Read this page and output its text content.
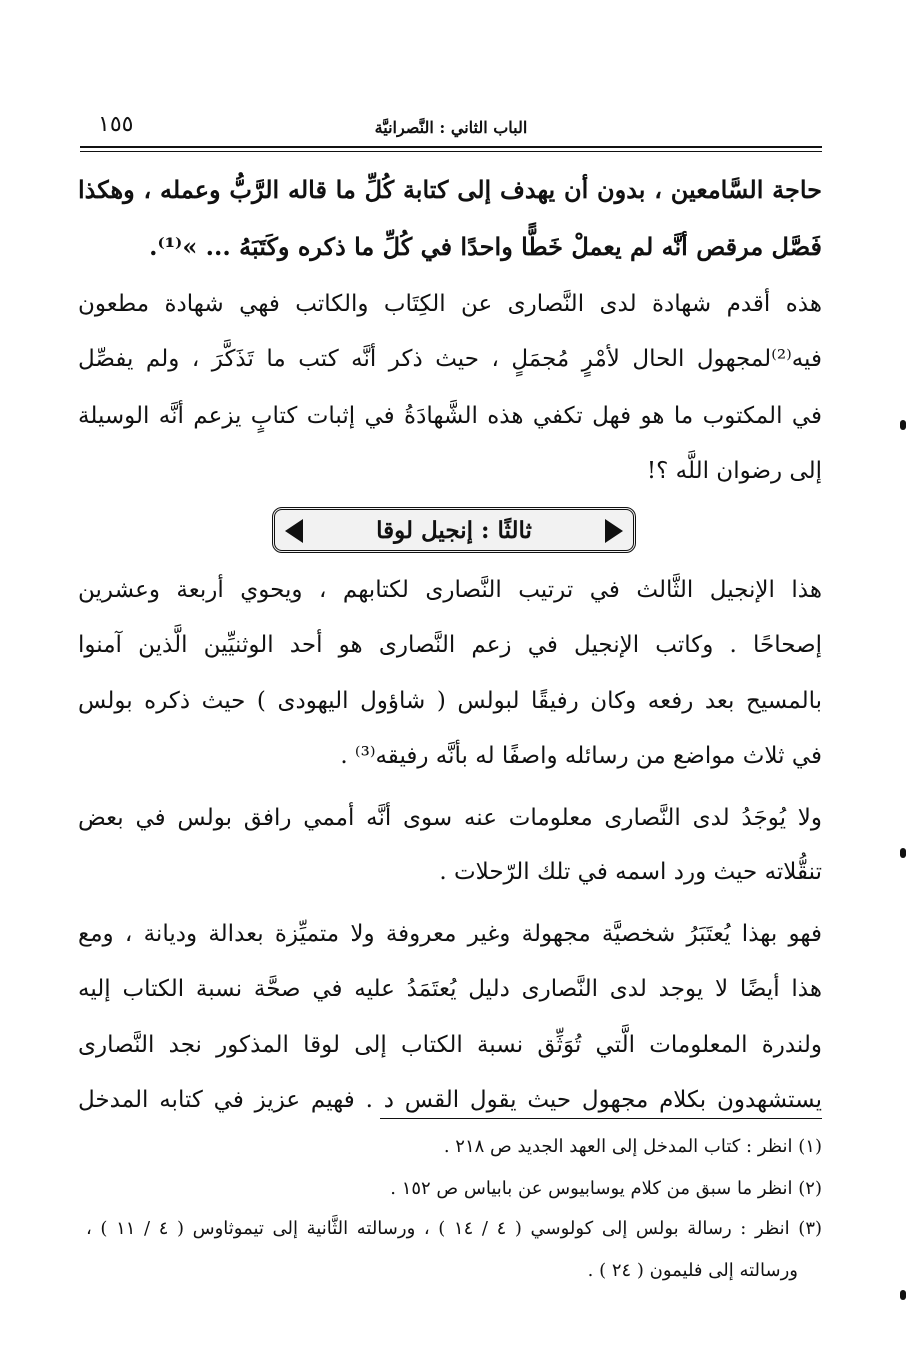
الباب الثاني : النَّصرانيَّة
١٥٥
حاجة السَّامعين ، بدون أن يهدف إلى كتابة كُلِّ ما قاله الرَّبُّ وعمله ، وهكذا
فَصَّل مرقص أنَّه لم يعملْ خَطًّا واحدًا في كُلِّ ما ذكره وكَتَبَهُ ... »⁽¹⁾.
هذه أقدم شهادة لدى النَّصارى عن الكِتَاب والكاتب فهي شهادة مطعون
فيه⁽²⁾لمجهول الحال لأمْرٍ مُجمَلٍ ، حيث ذكر أنَّه كتب ما تَذَكَّرَ ، ولم يفصِّل
في المكتوب ما هو فهل تكفي هذه الشَّهادَةُ في إثبات كتابٍ يزعم أنَّه الوسيلة
إلى رضوان اللَّه ؟!
ثالثًا : إنجيل لوقا
هذا الإنجيل الثَّالث في ترتيب النَّصارى لكتابهم ، ويحوي أربعة وعشرين
إصحاحًا . وكاتب الإنجيل في زعم النَّصارى هو أحد الوثنيِّين الَّذين آمنوا
بالمسيح بعد رفعه وكان رفيقًا لبولس ( شاؤول اليهودى ) حيث ذكره بولس
في ثلاث مواضع من رسائله واصفًا له بأنَّه رفيقه⁽³⁾ .
ولا يُوجَدُ لدى النَّصارى معلومات عنه سوى أنَّه أممي رافق بولس في بعض
تنقُّلاته حيث ورد اسمه في تلك الرّحلات .
فهو بهذا يُعتَبَرُ شخصيَّة مجهولة وغير معروفة ولا متميِّزة بعدالة وديانة ، ومع
هذا أيضًا لا يوجد لدى النَّصارى دليل يُعتَمَدُ عليه في صحَّة نسبة الكتاب إليه
ولندرة المعلومات الَّتي تُوَثِّق نسبة الكتاب إلى لوقا المذكور نجد النَّصارى
يستشهدون بكلام مجهول حيث يقول القس د . فهيم عزيز في كتابه المدخل
(١) انظر : كتاب المدخل إلى العهد الجديد ص ٢١٨ .
(٢) انظر ما سبق من كلام يوسابيوس عن بابياس ص ١٥٢ .
(٣) انظر : رسالة بولس إلى كولوسي ( ٤ / ١٤ ) ، ورسالته الثَّانية إلى تيموثاوس ( ٤ / ١١ ) ،
ورسالته إلى فليمون ( ٢٤ ) .
